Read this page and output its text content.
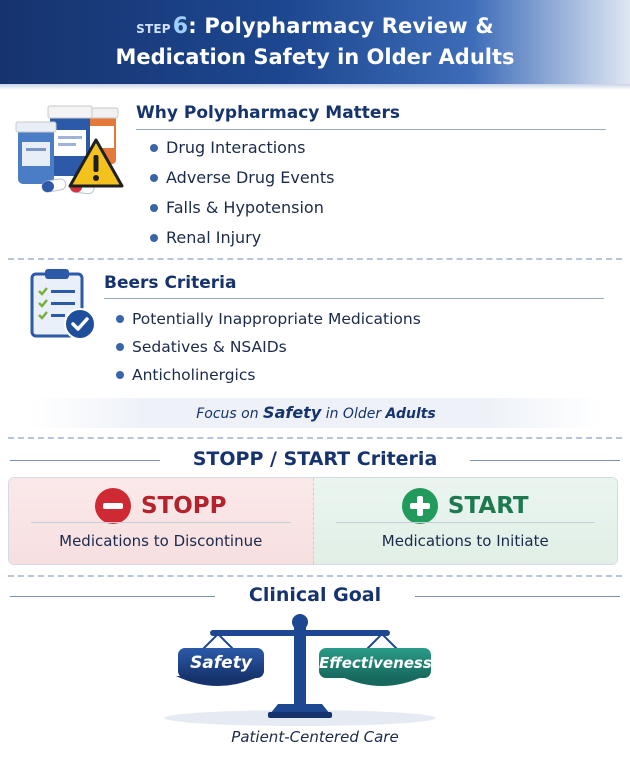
STEP6: Polypharmacy Review &
Medication Safety in Older Adults
Why Polypharmacy Matters
Drug Interactions
Adverse Drug Events
Falls & Hypotension
Renal Injury
Beers Criteria
Potentially Inappropriate Medications
Sedatives & NSAIDs
Anticholinergics
Focus on Safety in Older Adults
STOPP / START Criteria
STOPP
Medications to Discontinue
START
Medications to Initiate
Clinical Goal
Safety	Effectiveness
Patient-Centered Care
